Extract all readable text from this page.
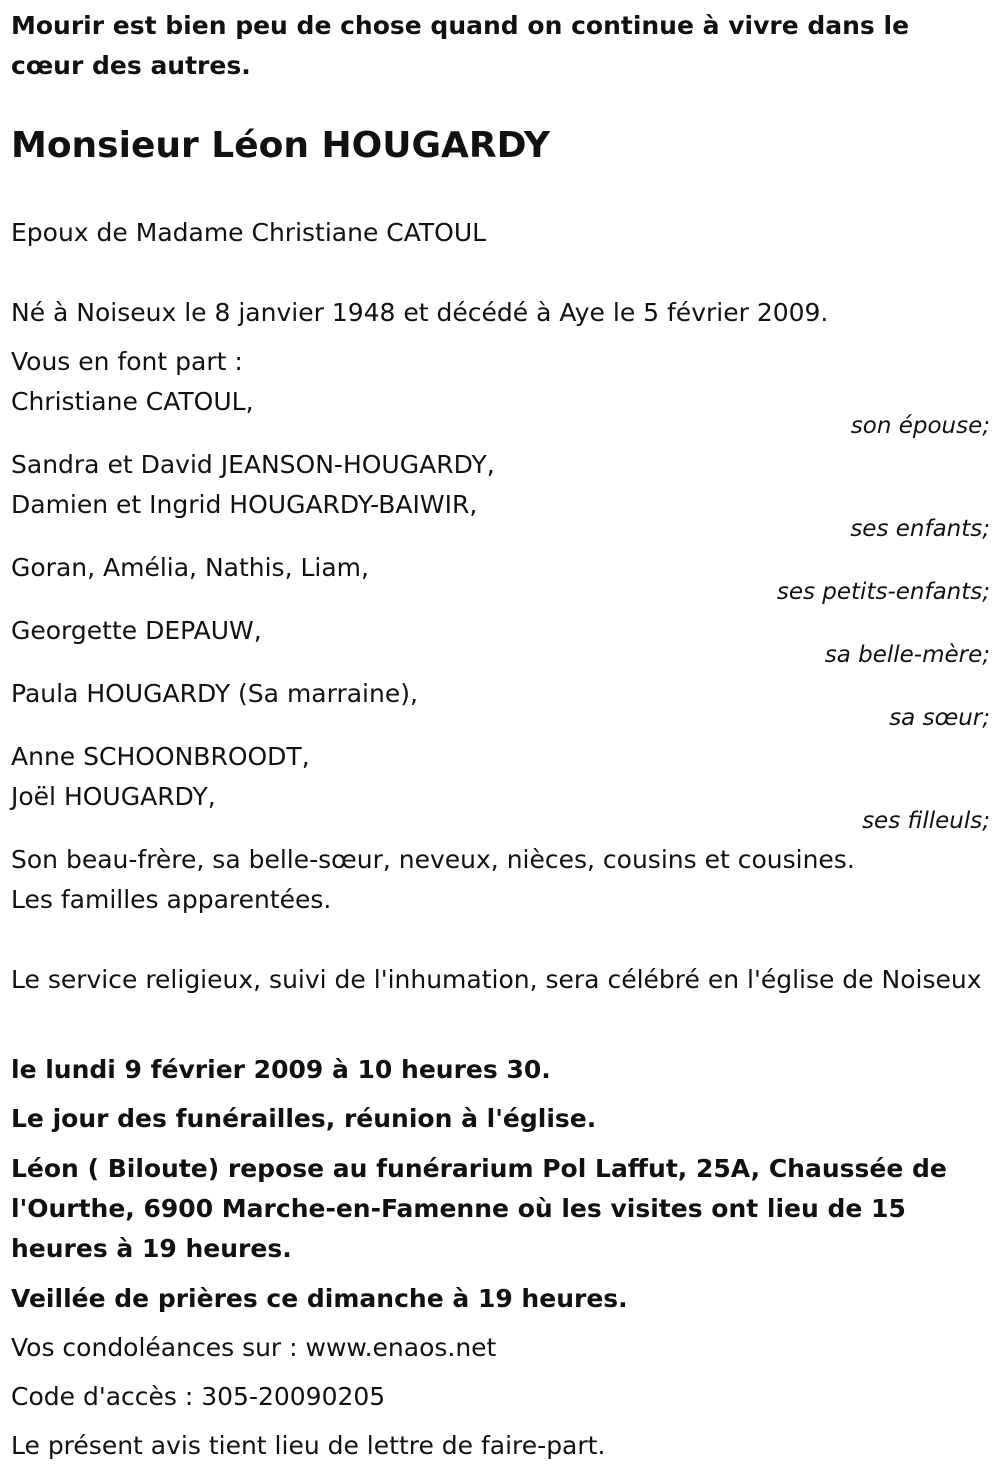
Mourir est bien peu de chose quand on continue à vivre dans le cœur des autres.
Monsieur Léon HOUGARDY
Epoux de Madame Christiane CATOUL
Né à Noiseux le 8 janvier 1948 et décédé à Aye le 5 février 2009.
Vous en font part :
Christiane CATOUL,
son épouse;
Sandra et David JEANSON-HOUGARDY,
Damien et Ingrid HOUGARDY-BAIWIR,
ses enfants;
Goran, Amélia, Nathis, Liam,
ses petits-enfants;
Georgette DEPAUW,
sa belle-mère;
Paula HOUGARDY (Sa marraine),
sa sœur;
Anne SCHOONBROODT,
Joël HOUGARDY,
ses filleuls;
Son beau-frère, sa belle-sœur, neveux, nièces, cousins et cousines.
Les familles apparentées.
Le service religieux, suivi de l'inhumation, sera célébré en l'église de Noiseux
le lundi 9 février 2009 à 10 heures 30.
Le jour des funérailles, réunion à l'église.
Léon ( Biloute) repose au funérarium Pol Laffut, 25A, Chaussée de l'Ourthe, 6900 Marche-en-Famenne où les visites ont lieu de 15 heures à 19 heures.
Veillée de prières ce dimanche à 19 heures.
Vos condoléances sur : www.enaos.net
Code d'accès : 305-20090205
Le présent avis tient lieu de lettre de faire-part.
